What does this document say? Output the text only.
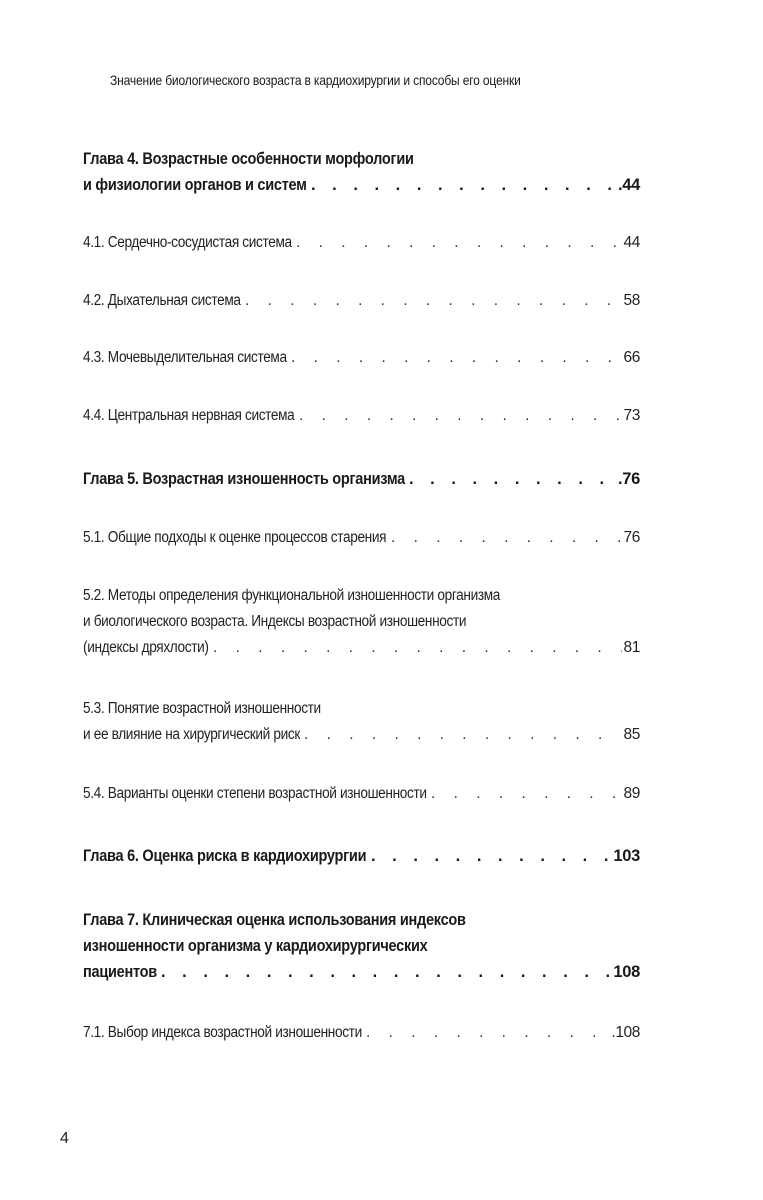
Значение биологического возраста в кардиохирургии и способы его оценки
Глава 4. Возрастные особенности морфологии
и физиологии органов и систем . . .	.44
4.1. Сердечно-сосудистая система . . .	44
4.2. Дыхательная система . . .	58
4.3. Мочевыделительная система . . .	66
4.4. Центральная нервная система . . .	73
Глава 5. Возрастная изношенность организма . . .	.76
5.1. Общие подходы к оценке процессов старения . . .	76
5.2. Методы определения функциональной изношенности организма
и биологического возраста. Индексы возрастной изношенности
(индексы дряхлости) . . .	81
5.3. Понятие возрастной изношенности
и ее влияние на хирургический риск . . .	85
5.4. Варианты оценки степени возрастной изношенности . . .	89
Глава 6. Оценка риска в кардиохирургии . . .	103
Глава 7. Клиническая оценка использования индексов
изношенности организма у кардиохирургических
пациентов . . .	108
7.1. Выбор индекса возрастной изношенности . . .	.108
4
